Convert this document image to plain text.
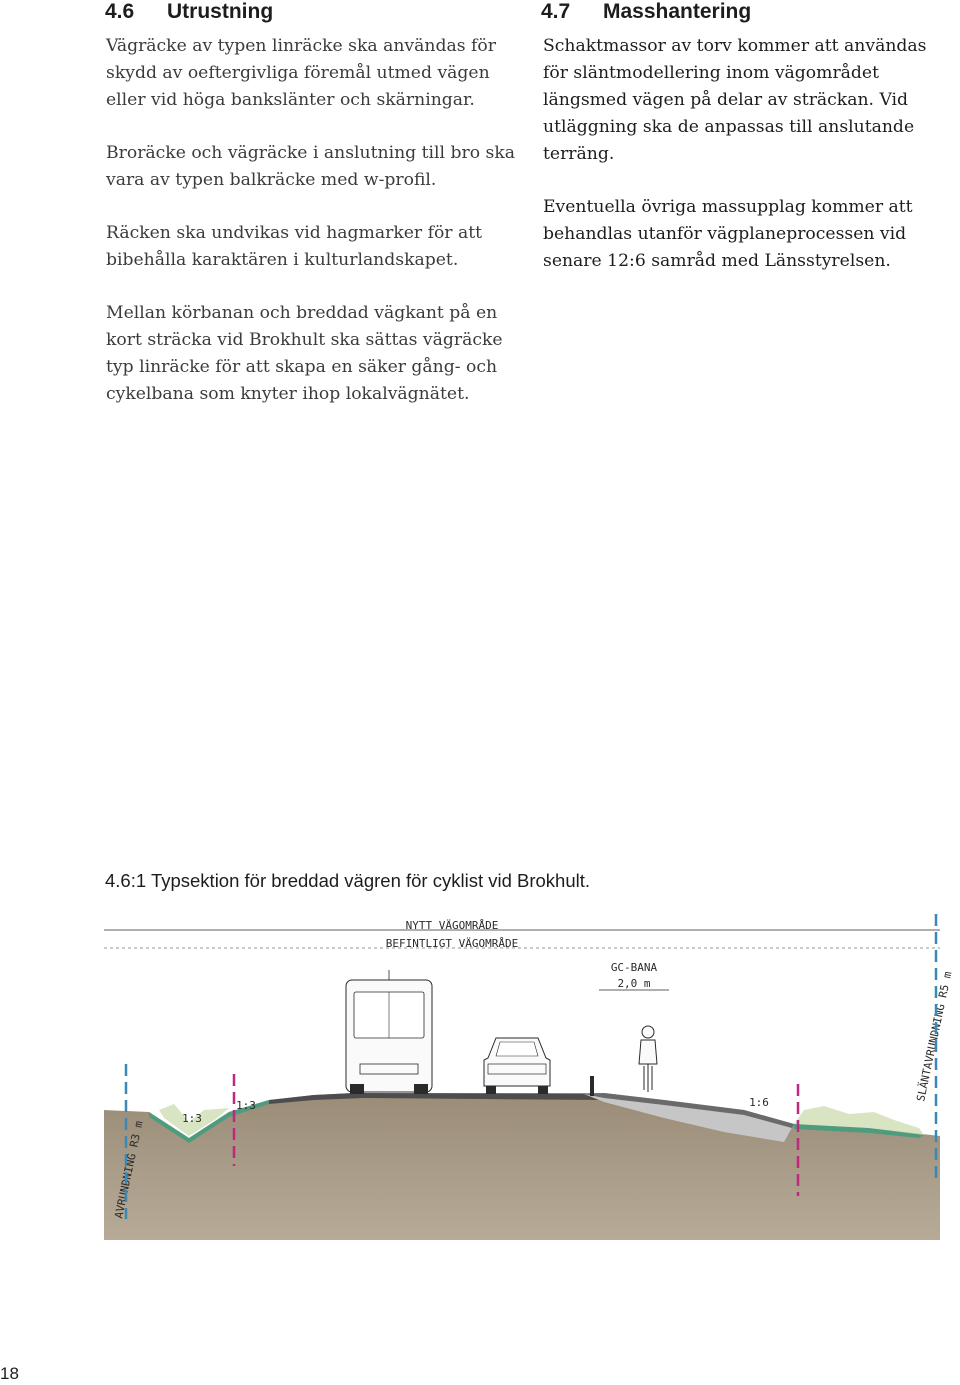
4.6 Utrustning

Vägräcke av typen linräcke ska användas för skydd av oeftergivliga föremål utmed vägen eller vid höga bankslänter och skärningar.

Broräcke och vägräcke i anslutning till bro ska vara av typen balkräcke med w-profil.

Räcken ska undvikas vid hagmarker för att bibehålla karaktären i kulturlandskapet.

Mellan körbanan och breddad vägkant på en kort sträcka vid Brokhult ska sättas vägräcke typ linräcke för att skapa en säker gång- och cykelbana som knyter ihop lokalvägnätet.

4.7 Masshantering

Schaktmassor av torv kommer att användas för släntmodellering inom vägområdet längsmed vägen på delar av sträckan. Vid utläggning ska de anpassas till anslutande terräng.

Eventuella övriga massupplag kommer att behandlas utanför vägplaneprocessen vid senare 12:6 samråd med Länsstyrelsen.

4.6:1 Typsektion för breddad vägren för cyklist vid Brokhult.

NYTT VÄGOMRÅDE
BEFINTLIGT VÄGOMRÅDE
GC-BANA
2,0 m
1:6
1:3
1:3
AVRUNDNING R3 m
SLÄNTAVRUNDNING R5 m
18
